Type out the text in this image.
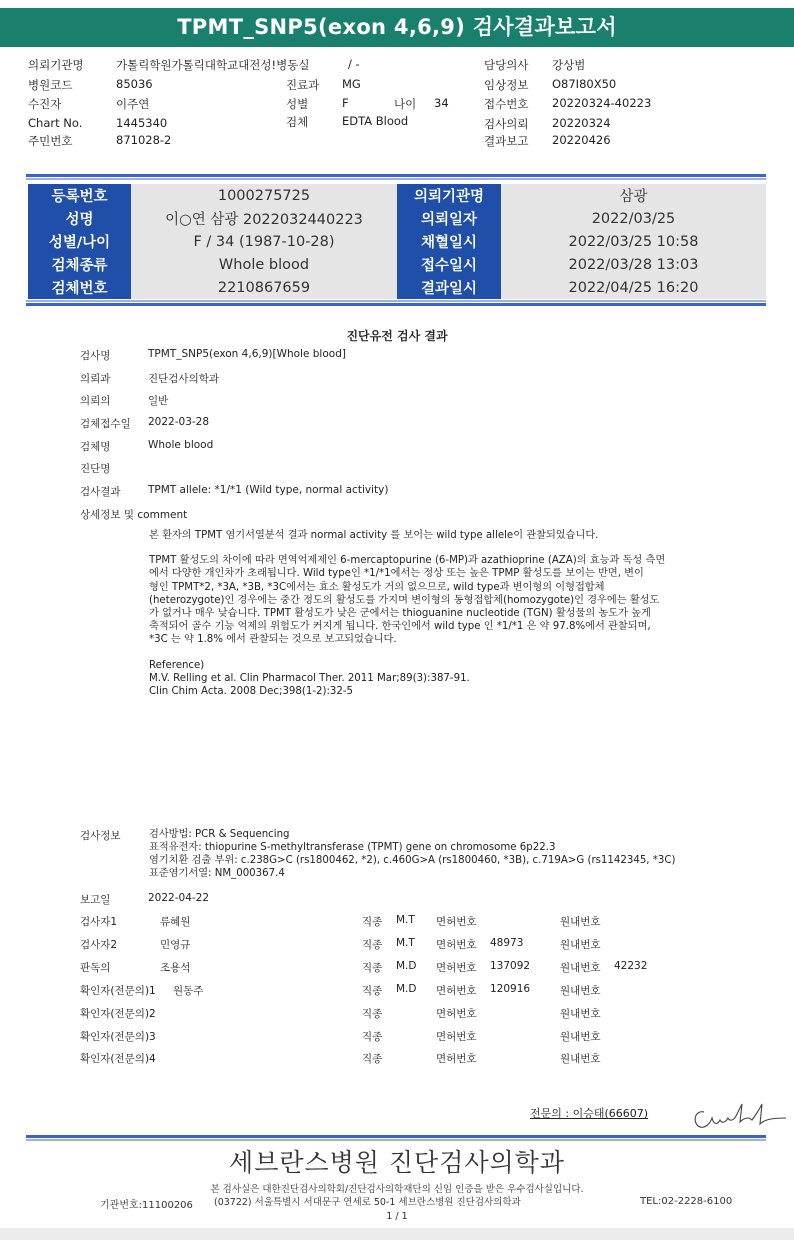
TPMT_SNP5(exon 4,6,9) 검사결과보고서
의뢰기관명	가톨릭학원가톨릭대학교대전성!병동실	/ -	담당의사 강상범
병원코드	85036	진료과 MG	임상정보 O87I80X50
수진자	이주연	성별	F	나이 34	접수번호 20220324-40223
Chart No.	1445340	검체	EDTA Blood	검사의뢰 20220324
주민번호	871028-2	결과보고 20220426
등록번호	1000275725	의뢰기관명	삼광
성명	이○연 삼광 2022032440223	의뢰일자	2022/03/25
성별/나이	F / 34 (1987-10-28)	채혈일시	2022/03/25 10:58
검체종류	Whole blood	접수일시	2022/03/28 13:03
검체번호	2210867659	결과일시	2022/04/25 16:20
진단유전 검사 결과
검사명	TPMT_SNP5(exon 4,6,9)[Whole blood]
의뢰과	진단검사의학과
의뢰의	일반
검체접수일 2022-03-28
검체명	Whole blood
진단명
검사결과	TPMT allele: *1/*1 (Wild type, normal activity)
상세정보 및 comment
본 환자의 TPMT 염기서열분석 결과 normal activity 를 보이는 wild type allele이 관찰되었습니다.
TPMT 활성도의 차이에 따라 면역억제제인 6-mercaptopurine (6-MP)과 azathioprine (AZA)의 효능과 독성 측면
에서 다양한 개인차가 초래됩니다. Wild type인 *1/*1에서는 정상 또는 높은 TPMP 활성도를 보이는 반면, 변이
형인 TPMT*2, *3A, *3B, *3C에서는 효소 활성도가 거의 없으므로, wild type과 변이형의 이형접합체
(heterozygote)인 경우에는 중간 정도의 활성도를 가지며 변이형의 동형접합체(homozygote)인 경우에는 활성도
가 없거나 매우 낮습니다. TPMT 활성도가 낮은 군에서는 thioguanine nucleotide (TGN) 활성물의 농도가 높게
축적되어 골수 기능 억제의 위험도가 커지게 됩니다. 한국인에서 wild type 인 *1/*1 은 약 97.8%에서 관찰되며,
*3C 는 약 1.8% 에서 관찰되는 것으로 보고되었습니다.
Reference)
M.V. Relling et al. Clin Pharmacol Ther. 2011 Mar;89(3):387-91.
Clin Chim Acta. 2008 Dec;398(1-2):32-5
검사정보	검사방법: PCR & Sequencing
표적유전자: thiopurine S-methyltransferase (TPMT) gene on chromosome 6p22.3
염기치환 검출 부위: c.238G>C (rs1800462, *2), c.460G>A (rs1800460, *3B), c.719A>G (rs1142345, *3C)
표준염기서열: NM_000367.4
보고일	2022-04-22
검사자1	류혜원	직종 M.T 면허번호	원내번호
검사자2	민영규	직종 M.T 면허번호 48973	원내번호
판독의	조용석	직종 M.D 면허번호 137092	원내번호 42232
확인자(전문의)1 원동주	직종 M.D 면허번호 120916	원내번호
확인자(전문의)2	직종	면허번호	원내번호
확인자(전문의)3	직종	면허번호	원내번호
확인자(전문의)4	직종	면허번호	원내번호
전문의 : 이승태(66607)
세브란스병원 진단검사의학과
본 검사실은 대한진단검사의학회/진단검사의학재단의 신임 인증을 받은 우수검사실입니다.
기관번호:11100206 (03722) 서울특별시 서대문구 연세로 50-1 세브란스병원 진단검사의학과	TEL:02-2228-6100
1 / 1
